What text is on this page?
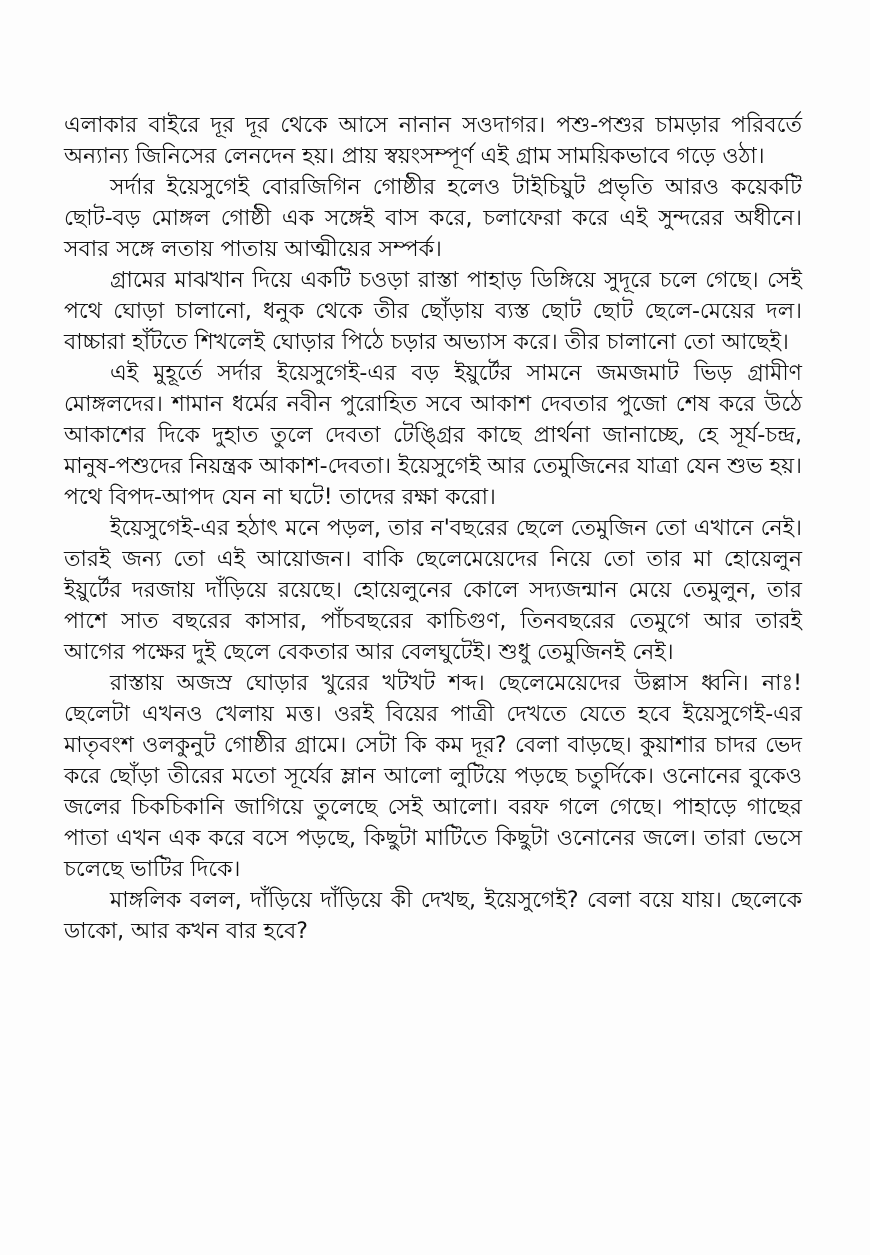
এলাকার বাইরে দূর দূর থেকে আসে নানান সওদাগর। পশু-পশুর চামড়ার পরিবর্তে অন্যান্য জিনিসের লেনদেন হয়। প্রায় স্বয়ংসম্পূর্ণ এই গ্রাম সাময়িকভাবে গড়ে ওঠা।

সর্দার ইয়েসুগেই বোরজিগিন গোষ্ঠীর হলেও টাইচিয়ুট প্রভৃতি আরও কয়েকটি ছোট-বড় মোঙ্গল গোষ্ঠী এক সঙ্গেই বাস করে, চলাফেরা করে এই সুন্দরের অধীনে। সবার সঙ্গে লতায় পাতায় আত্মীয়ের সম্পর্ক।

গ্রামের মাঝখান দিয়ে একটি চওড়া রাস্তা পাহাড় ডিঙ্গিয়ে সুদূরে চলে গেছে। সেই পথে ঘোড়া চালানো, ধনুক থেকে তীর ছোঁড়ায় ব্যস্ত ছোট ছোট ছেলে-মেয়ের দল। বাচ্চারা হাঁটতে শিখলেই ঘোড়ার পিঠে চড়ার অভ্যাস করে। তীর চালানো তো আছেই।

এই মুহূর্তে সর্দার ইয়েসুগেই-এর বড় ইয়ুর্টের সামনে জমজমাট ভিড় গ্রামীণ মোঙ্গলদের। শামান ধর্মের নবীন পুরোহিত সবে আকাশ দেবতার পুজো শেষ করে উঠে আকাশের দিকে দুহাত তুলে দেবতা টেঙ্গ্রির কাছে প্রার্থনা জানাচ্ছে, হে সূর্য-চন্দ্র, মানুষ-পশুদের নিয়ন্ত্রক আকাশ-দেবতা। ইয়েসুগেই আর তেমুজিনের যাত্রা যেন শুভ হয়। পথে বিপদ-আপদ যেন না ঘটে! তাদের রক্ষা করো।

ইয়েসুগেই-এর হঠাৎ মনে পড়ল, তার ন'বছরের ছেলে তেমুজিন তো এখানে নেই। তারই জন্য তো এই আয়োজন। বাকি ছেলেমেয়েদের নিয়ে তো তার মা হোয়েলুন ইয়ুর্টের দরজায় দাঁড়িয়ে রয়েছে। হোয়েলুনের কোলে সদ্যজন্মান মেয়ে তেমুলুন, তার পাশে সাত বছরের কাসার, পাঁচবছরের কাচিগুণ, তিনবছরের তেমুগে আর তারই আগের পক্ষের দুই ছেলে বেকতার আর বেলঘুটেই। শুধু তেমুজিনই নেই।

রাস্তায় অজস্র ঘোড়ার খুরের খটখট শব্দ। ছেলেমেয়েদের উল্লাস ধ্বনি। নাঃ! ছেলেটা এখনও খেলায় মত্ত। ওরই বিয়ের পাত্রী দেখতে যেতে হবে ইয়েসুগেই-এর মাতৃবংশ ওলকুনুট গোষ্ঠীর গ্রামে। সেটা কি কম দূর? বেলা বাড়ছে। কুয়াশার চাদর ভেদ করে ছোঁড়া তীরের মতো সূর্যের ম্লান আলো লুটিয়ে পড়ছে চতুর্দিকে। ওনোনের বুকেও জলের চিকচিকানি জাগিয়ে তুলেছে সেই আলো। বরফ গলে গেছে। পাহাড়ে গাছের পাতা এখন এক করে বসে পড়ছে, কিছুটা মাটিতে কিছুটা ওনোনের জলে। তারা ভেসে চলেছে ভাটির দিকে।

মাঙ্গলিক বলল, দাঁড়িয়ে দাঁড়িয়ে কী দেখছ, ইয়েসুগেই? বেলা বয়ে যায়। ছেলেকে ডাকো, আর কখন বার হবে?
